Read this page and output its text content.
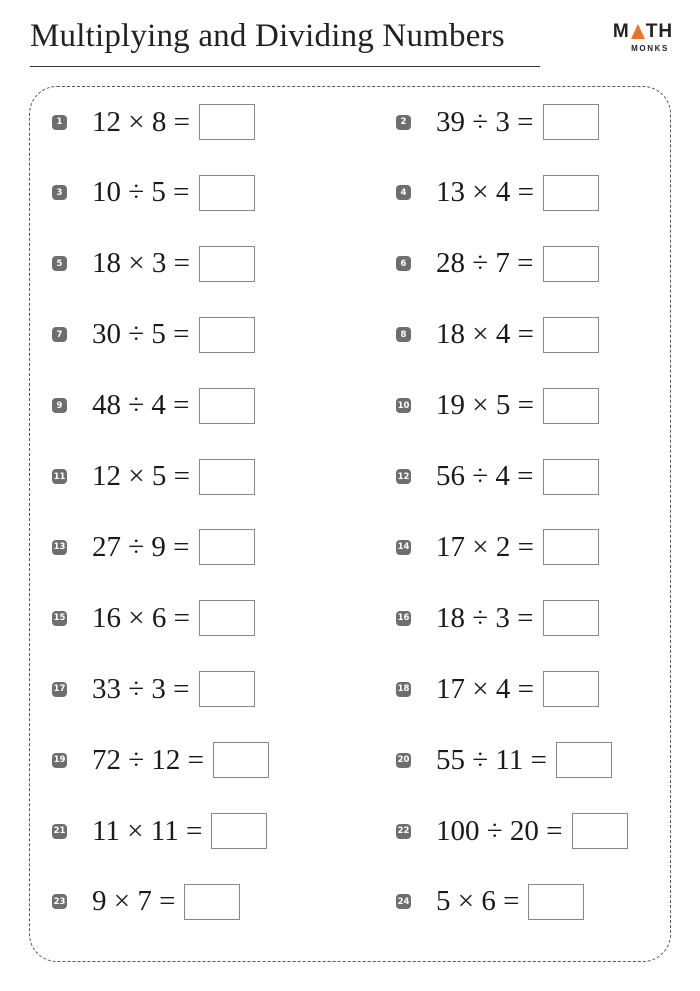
Multiplying and Dividing Numbers	M TH
MONKS
1 12 × 8 =	2 39 ÷ 3 =
3 10 ÷ 5 =	4 13 × 4 =
5 18 × 3 =	6 28 ÷ 7 =
7 30 ÷ 5 =	8 18 × 4 =
9 48 ÷ 4 =	10 19 × 5 =
11 12 × 5 =	12 56 ÷ 4 =
13 27 ÷ 9 =	14 17 × 2 =
15 16 × 6 =	16 18 ÷ 3 =
17 33 ÷ 3 =	18 17 × 4 =
19 72 ÷ 12 =	20 55 ÷ 11 =
21 11 × 11 =	22 100 ÷ 20 =
23 9 × 7 =	24 5 × 6 =
